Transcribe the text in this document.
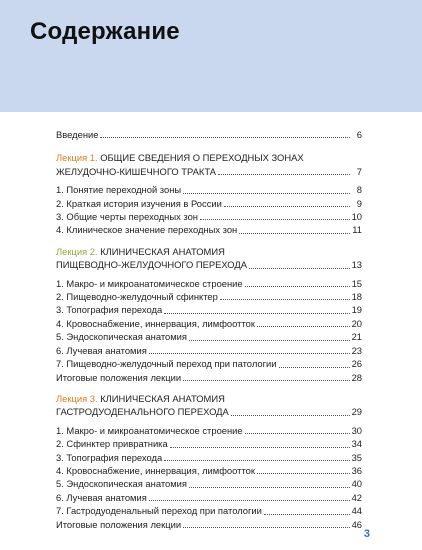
Содержание
Введение	6
Лекция 1. ОБЩИЕ СВЕДЕНИЯ О ПЕРЕХОДНЫХ ЗОНАХ
ЖЕЛУДОЧНО-КИШЕЧНОГО ТРАКТА	7
1. Понятие переходной зоны	8
2. Краткая история изучения в России	9
3. Общие черты переходных зон	10
4. Клиническое значение переходных зон	11
Лекция 2. КЛИНИЧЕСКАЯ АНАТОМИЯ
ПИЩЕВОДНО-ЖЕЛУДОЧНОГО ПЕРЕХОДА	13
1. Макро- и микроанатомическое строение	15
2. Пищеводно-желудочный сфинктер	18
3. Топография перехода	19
4. Кровоснабжение, иннервация, лимфоотток	20
5. Эндоскопическая анатомия	21
6. Лучевая анатомия	23
7. Пищеводно-желудочный переход при патологии	26
Итоговые положения лекции	28
Лекция 3. КЛИНИЧЕСКАЯ АНАТОМИЯ
ГАСТРОДУОДЕНАЛЬНОГО ПЕРЕХОДА	29
1. Макро- и микроанатомическое строение	30
2. Сфинктер привратника	34
3. Топография перехода	35
4. Кровоснабжение, иннервация, лимфоотток	36
5. Эндоскопическая анатомия	40
6. Лучевая анатомия	42
7. Гастродуоденальный переход при патологии	44
Итоговые положения лекции	46
3
